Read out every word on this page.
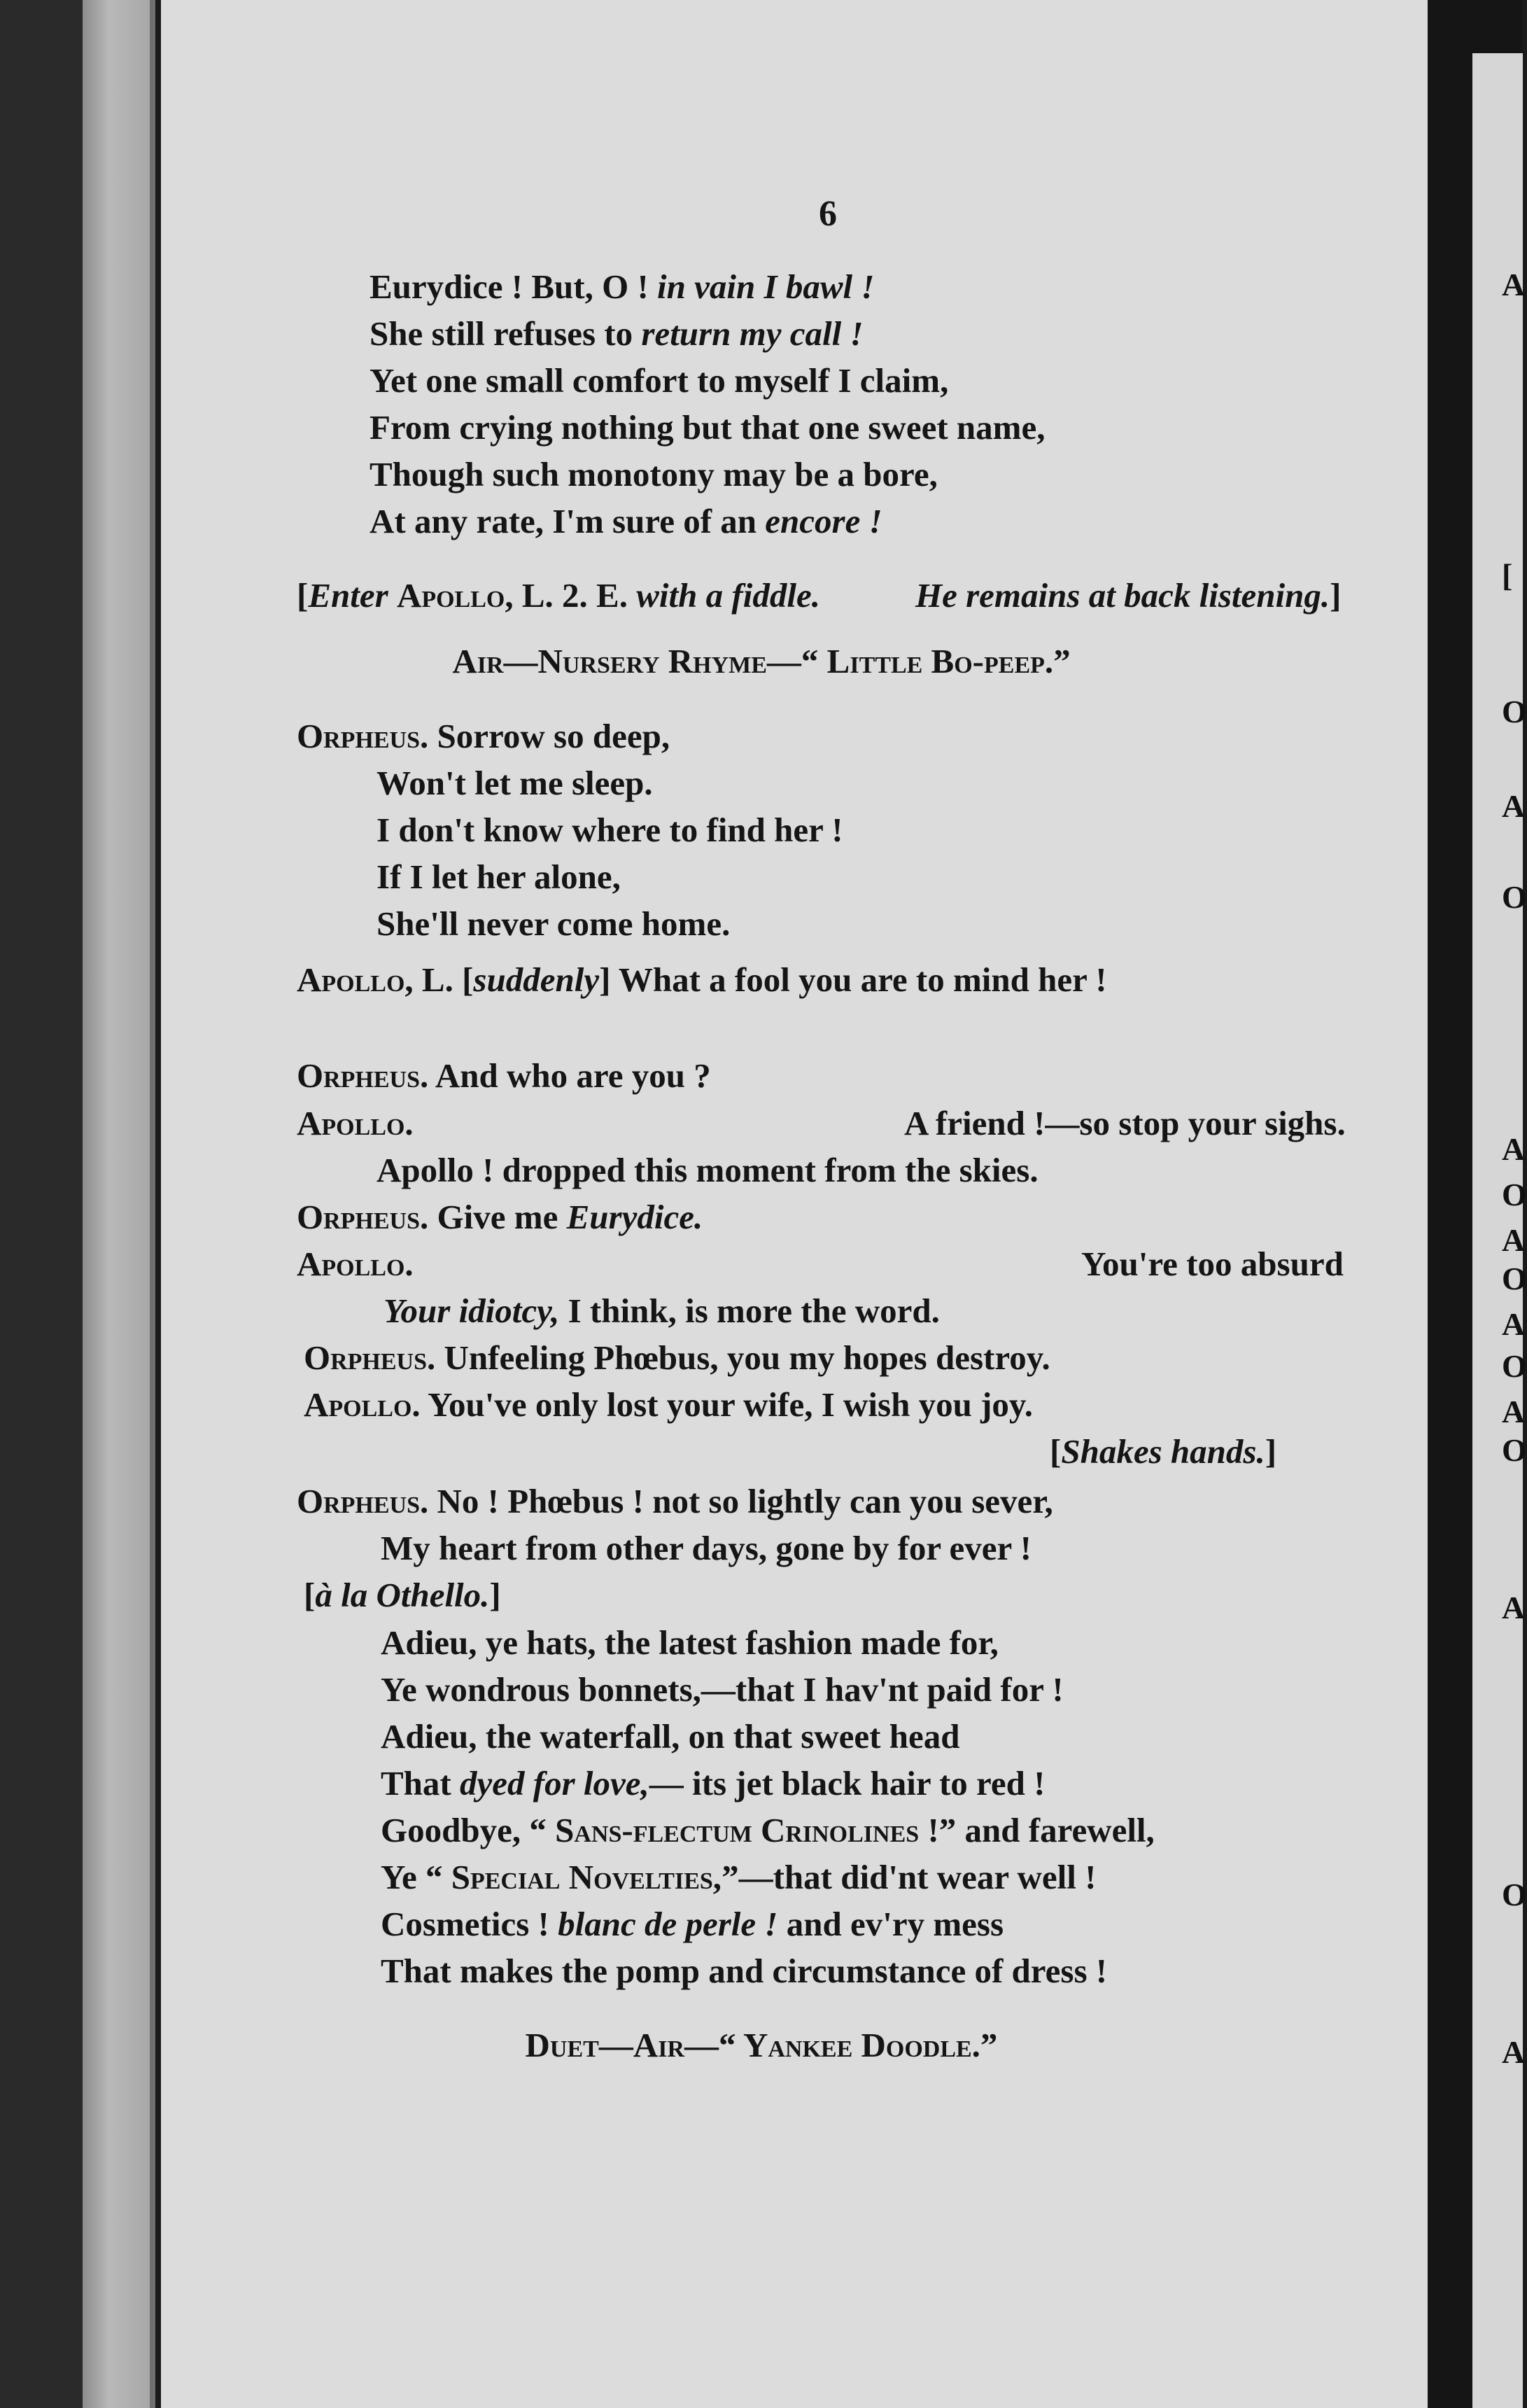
6
Eurydice ! But, O ! in vain I bawl !
She still refuses to return my call !
Yet one small comfort to myself I claim,
From crying nothing but that one sweet name,
Though such monotony may be a bore,
At any rate, I'm sure of an encore !
[Enter Apollo, L. 2. E. with a fiddle.	He remains at back listening.]
Air—Nursery Rhyme—“ Little Bo-peep.”
Orpheus. Sorrow so deep,
Won't let me sleep.
I don't know where to find her !
If I let her alone,
She'll never come home.
Apollo, L. [suddenly] What a fool you are to mind her !
Orpheus. And who are you ?
Apollo.	A friend !—so stop your sighs.
Apollo ! dropped this moment from the skies.
Orpheus. Give me Eurydice.
Apollo.	You're too absurd
Your idiotcy, I think, is more the word.
Orpheus. Unfeeling Phœbus, you my hopes destroy.
Apollo. You've only lost your wife, I wish you joy.
[Shakes hands.]
Orpheus. No ! Phœbus ! not so lightly can you sever,
My heart from other days, gone by for ever !
[à la Othello.]
Adieu, ye hats, the latest fashion made for,
Ye wondrous bonnets,—that I hav'nt paid for !
Adieu, the waterfall, on that sweet head
That dyed for love,— its jet black hair to red !
Goodbye, “ Sans-flectum Crinolines !” and farewell,
Ye “ Special Novelties,”—that did'nt wear well !
Cosmetics ! blanc de perle ! and ev'ry mess
That makes the pomp and circumstance of dress !
Duet—Air—“ Yankee Doodle.”
A
[
O
A
O
A
O
A
O
A
O
A
O
A
O
A
